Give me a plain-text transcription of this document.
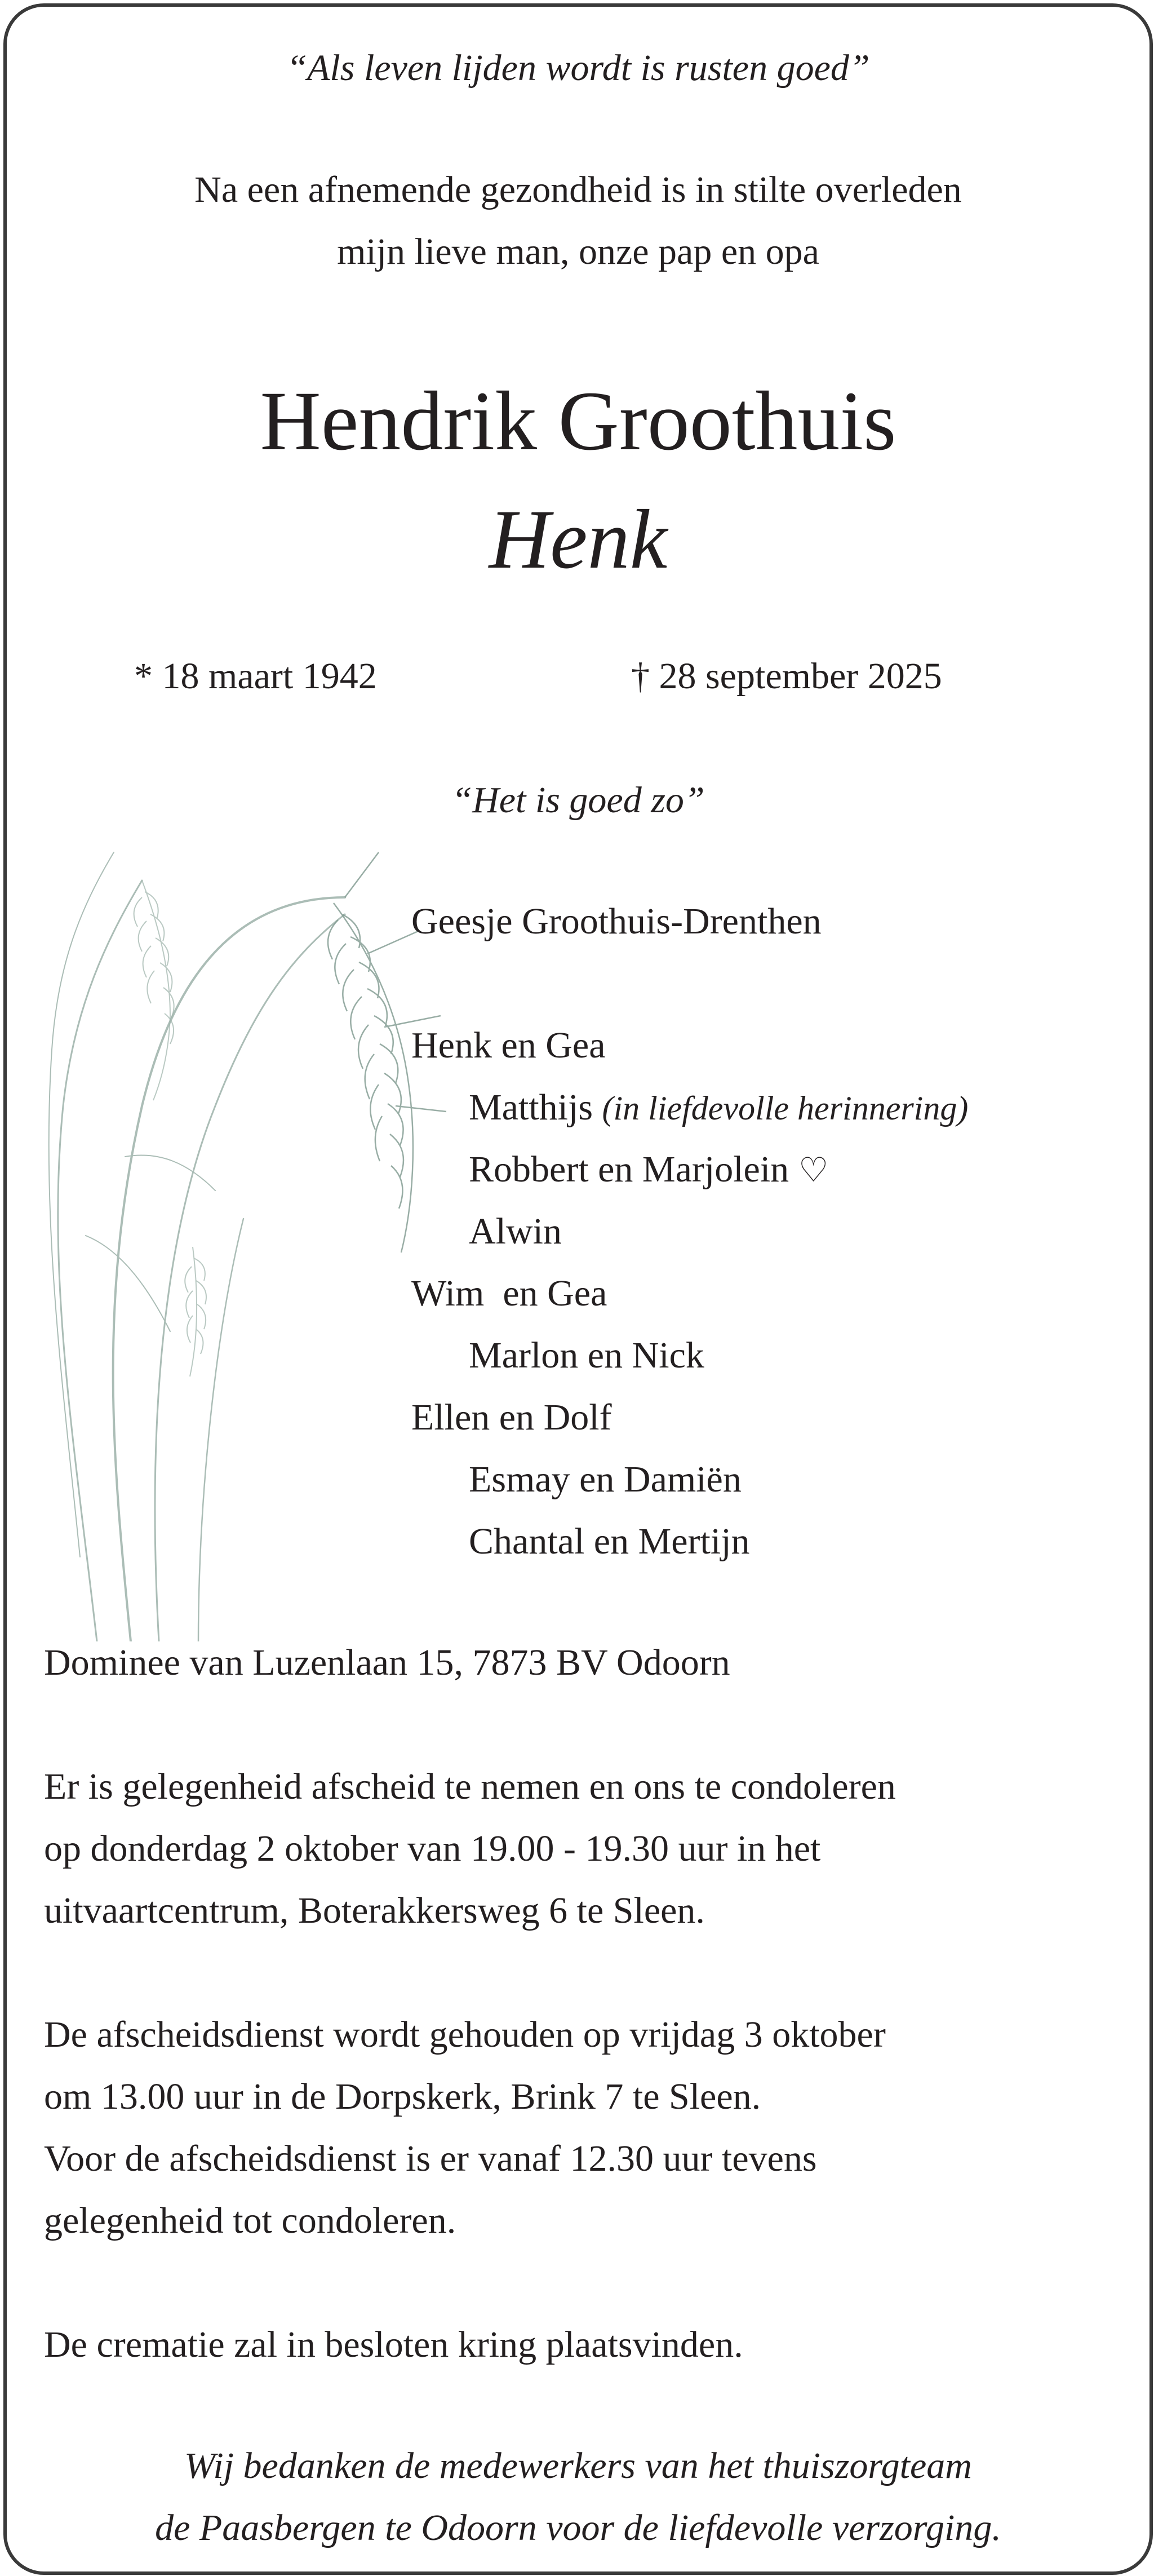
“Als leven lijden wordt is rusten goed”
Na een afnemende gezondheid is in stilte overleden
mijn lieve man, onze pap en opa
Hendrik Groothuis
Henk
* 18 maart 1942	† 28 september 2025
“Het is goed zo”
Geesje Groothuis-Drenthen
Henk en Gea
Matthijs (in liefdevolle herinnering)
Robbert en Marjolein ♡
Alwin
Wim  en Gea
Marlon en Nick
Ellen en Dolf
Esmay en Damiën
Chantal en Mertijn
Dominee van Luzenlaan 15, 7873 BV Odoorn
Er is gelegenheid afscheid te nemen en ons te condoleren
op donderdag 2 oktober van 19.00 - 19.30 uur in het
uitvaartcentrum, Boterakkersweg 6 te Sleen.
De afscheidsdienst wordt gehouden op vrijdag 3 oktober
om 13.00 uur in de Dorpskerk, Brink 7 te Sleen.
Voor de afscheidsdienst is er vanaf 12.30 uur tevens
gelegenheid tot condoleren.
De crematie zal in besloten kring plaatsvinden.
Wij bedanken de medewerkers van het thuiszorgteam
de Paasbergen te Odoorn voor de liefdevolle verzorging.
